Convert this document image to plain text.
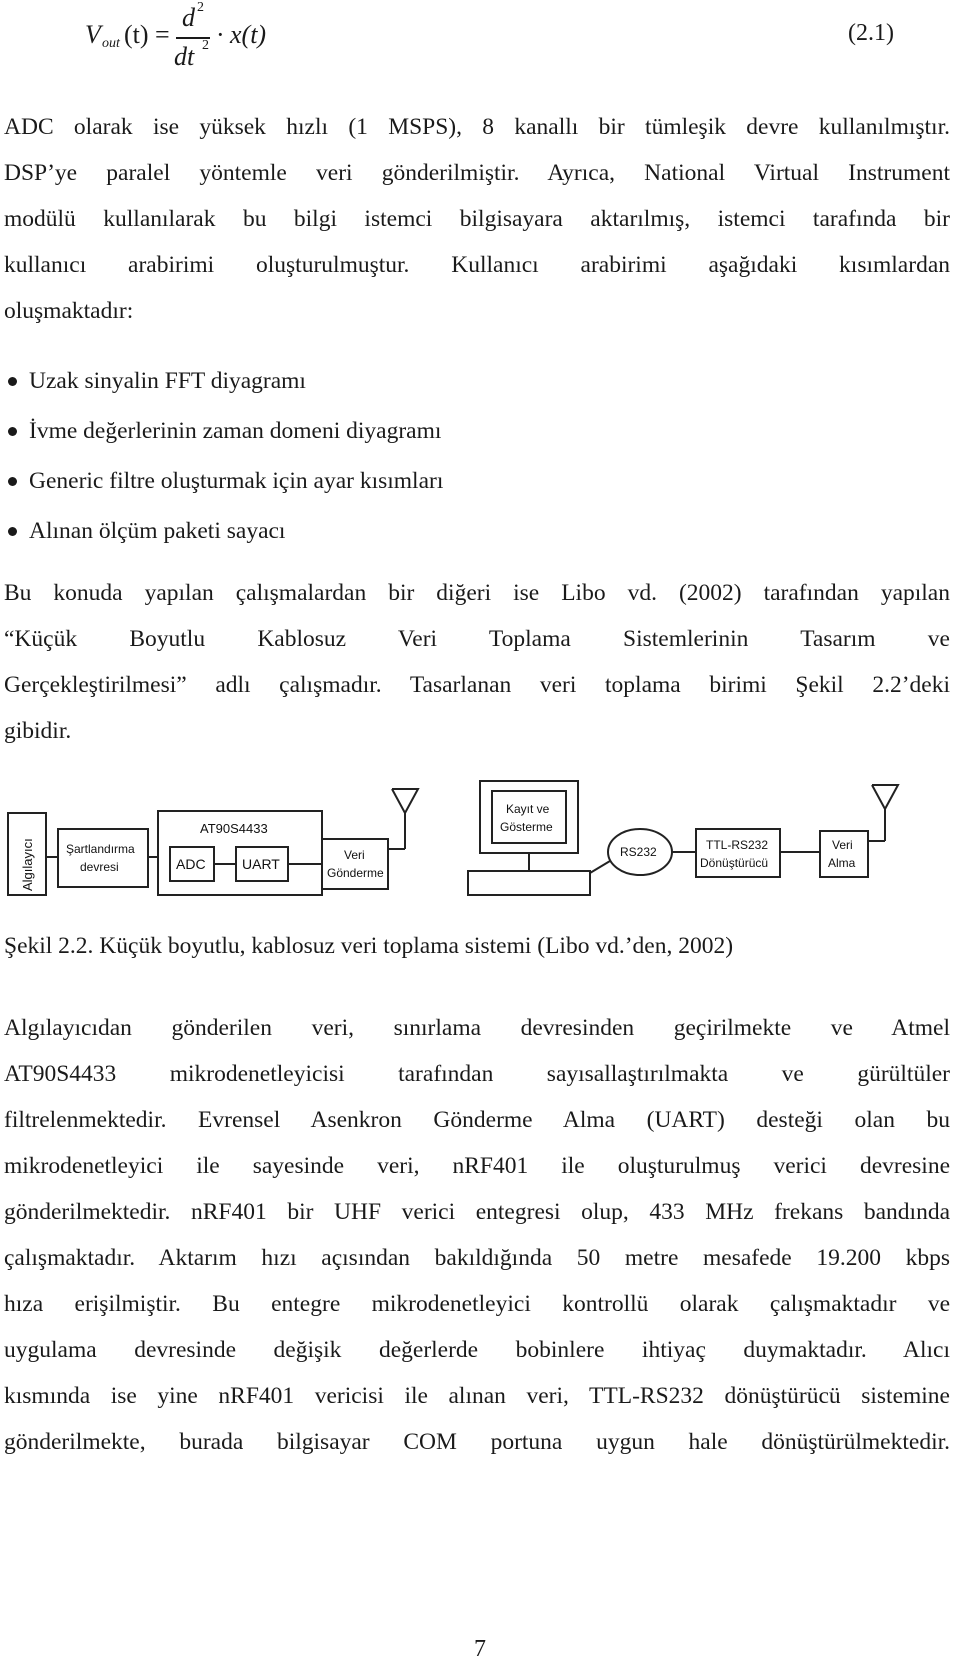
V out (t) =
d 2
dt 2 · x(t)	(2.1)
ADC olarak ise yüksek hızlı (1 MSPS), 8 kanallı bir tümleşik devre kullanılmıştır.
DSP’ye paralel yöntemle veri gönderilmiştir. Ayrıca, National Virtual Instrument
modülü kullanılarak bu bilgi istemci bilgisayara aktarılmış, istemci tarafında bir
kullanıcı arabirimi oluşturulmuştur. Kullanıcı arabirimi aşağıdaki kısımlardan
oluşmaktadır:
Uzak sinyalin FFT diyagramı
İvme değerlerinin zaman domeni diyagramı
Generic filtre oluşturmak için ayar kısımları
Alınan ölçüm paketi sayacı
Bu konuda yapılan çalışmalardan bir diğeri ise Libo vd. (2002) tarafından yapılan
“Küçük Boyutlu Kablosuz Veri Toplama Sistemlerinin Tasarım ve
Gerçekleştirilmesi” adlı çalışmadır. Tasarlanan veri toplama birimi Şekil 2.2’deki
gibidir.
Algılayıcı	Şartlandırma
devresi
AT90S4433
ADC	UART
Veri
Gönderme
Kayıt ve
Gösterme
RS232	TTL-RS232
Dönüştürücü
Veri
Alma
Şekil 2.2. Küçük boyutlu, kablosuz veri toplama sistemi (Libo vd.’den, 2002)
Algılayıcıdan gönderilen veri, sınırlama devresinden geçirilmekte ve Atmel
AT90S4433 mikrodenetleyicisi tarafından sayısallaştırılmakta ve gürültüler
filtrelenmektedir. Evrensel Asenkron Gönderme Alma (UART) desteği olan bu
mikrodenetleyici ile sayesinde veri, nRF401 ile oluşturulmuş verici devresine
gönderilmektedir. nRF401 bir UHF verici entegresi olup, 433 MHz frekans bandında
çalışmaktadır. Aktarım hızı açısından bakıldığında 50 metre mesafede 19.200 kbps
hıza erişilmiştir. Bu entegre mikrodenetleyici kontrollü olarak çalışmaktadır ve
uygulama devresinde değişik değerlerde bobinlere ihtiyaç duymaktadır. Alıcı
kısmında ise yine nRF401 vericisi ile alınan veri, TTL-RS232 dönüştürücü sistemine
gönderilmekte, burada bilgisayar COM portuna uygun hale dönüştürülmektedir.
7
